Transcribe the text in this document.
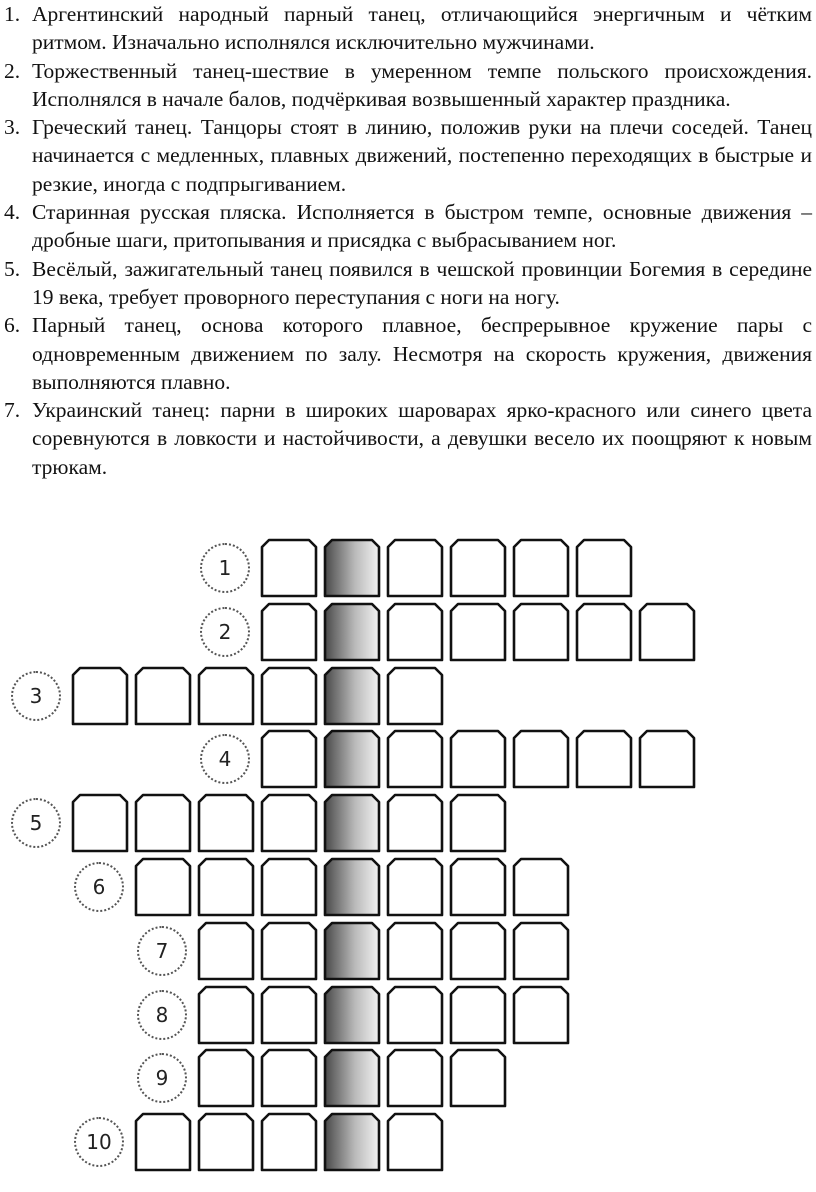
1. Аргентинский народный парный танец, отличающийся энергичным и чётким ритмом. Изначально исполнялся исключительно мужчинами.
2. Торжественный танец-шествие в умеренном темпе польского происхождения. Исполнялся в начале балов, подчёркивая возвышенный характер праздника.
3. Греческий танец. Танцоры стоят в линию, положив руки на плечи соседей. Танец начинается с медленных, плавных движений, постепенно переходящих в быстрые и резкие, иногда с подпрыгиванием.
4. Старинная русская пляска. Исполняется в быстром темпе, основные движения – дробные шаги, притопывания и присядка с выбрасыванием ног.
5. Весёлый, зажигательный танец появился в чешской провинции Богемия в середине 19 века, требует проворного переступания с ноги на ногу.
6. Парный танец, основа которого плавное, беспрерывное кружение пары с одновременным движением по залу. Несмотря на скорость кружения, движения выполняются плавно.
7. Украинский танец: парни в широких шароварах ярко-красного или синего цвета соревнуются в ловкости и настойчивости, а девушки весело их поощряют к новым трюкам.
1
2
3
4
5
6
7
8
9
10
